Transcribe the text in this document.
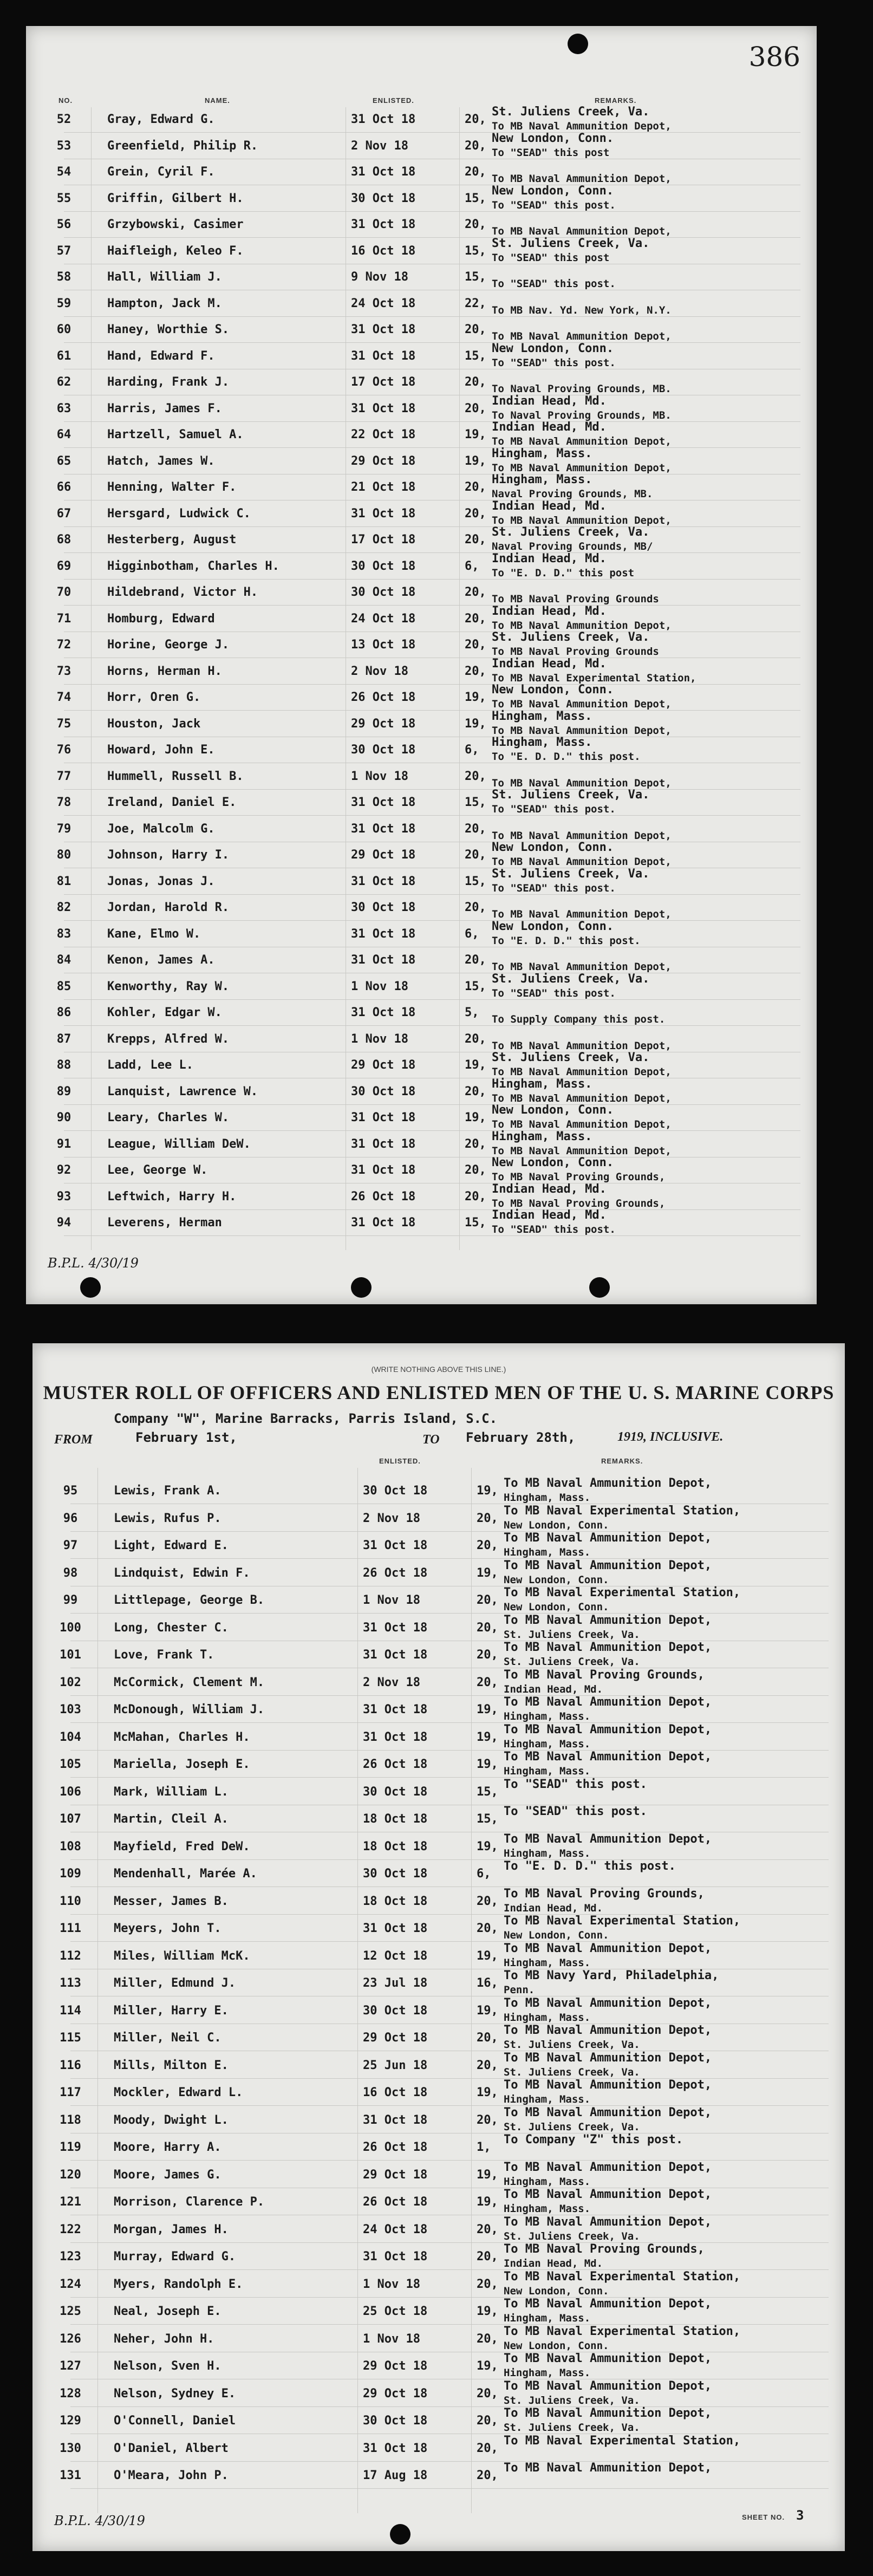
386
NO.	NAME.	ENLISTED.	REMARKS.
52	Gray, Edward G.	31 Oct 18	20,
St. Juliens Creek, Va.
To MB Naval Ammunition Depot,
53	Greenfield, Philip R.	2 Nov 18	20,
New London, Conn.
To "SEAD" this post
54	Grein, Cyril F.	31 Oct 18	20, To MB Naval Ammunition Depot,
55	Griffin, Gilbert H.	30 Oct 18	15,
New London, Conn.
To "SEAD" this post.
56	Grzybowski, Casimer	31 Oct 18	20, To MB Naval Ammunition Depot,
57	Haifleigh, Keleo F.	16 Oct 18	15,
St. Juliens Creek, Va.
To "SEAD" this post
58	Hall, William J.	9 Nov 18	15, To "SEAD" this post.
59	Hampton, Jack M.	24 Oct 18	22, To MB Nav. Yd. New York, N.Y.
60	Haney, Worthie S.	31 Oct 18	20, To MB Naval Ammunition Depot,
61	Hand, Edward F.	31 Oct 18	15,
New London, Conn.
To "SEAD" this post.
62	Harding, Frank J.	17 Oct 18	20, To Naval Proving Grounds, MB.
63	Harris, James F.	31 Oct 18	20,
Indian Head, Md.
To Naval Proving Grounds, MB.
64	Hartzell, Samuel A.	22 Oct 18	19,
Indian Head, Md.
To MB Naval Ammunition Depot,
65	Hatch, James W.	29 Oct 18	19,
Hingham, Mass.
To MB Naval Ammunition Depot,
66	Henning, Walter F.	21 Oct 18	20,
Hingham, Mass.
Naval Proving Grounds, MB.
67	Hersgard, Ludwick C.	31 Oct 18	20,
Indian Head, Md.
To MB Naval Ammunition Depot,
68	Hesterberg, August	17 Oct 18	20,
St. Juliens Creek, Va.
Naval Proving Grounds, MB/
69	Higginbotham, Charles H.	30 Oct 18	6,
Indian Head, Md.
To "E. D. D." this post
70	Hildebrand, Victor H.	30 Oct 18	20, To MB Naval Proving Grounds
71	Homburg, Edward	24 Oct 18	20,
Indian Head, Md.
To MB Naval Ammunition Depot,
72	Horine, George J.	13 Oct 18	20,
St. Juliens Creek, Va.
To MB Naval Proving Grounds
73	Horns, Herman H.	2 Nov 18	20,
Indian Head, Md.
To MB Naval Experimental Station,
74	Horr, Oren G.	26 Oct 18	19,
New London, Conn.
To MB Naval Ammunition Depot,
75	Houston, Jack	29 Oct 18	19,
Hingham, Mass.
To MB Naval Ammunition Depot,
76	Howard, John E.	30 Oct 18	6,
Hingham, Mass.
To "E. D. D." this post.
77	Hummell, Russell B.	1 Nov 18	20, To MB Naval Ammunition Depot,
78	Ireland, Daniel E.	31 Oct 18	15,
St. Juliens Creek, Va.
To "SEAD" this post.
79	Joe, Malcolm G.	31 Oct 18	20, To MB Naval Ammunition Depot,
80	Johnson, Harry I.	29 Oct 18	20,
New London, Conn.
To MB Naval Ammunition Depot,
81	Jonas, Jonas J.	31 Oct 18	15,
St. Juliens Creek, Va.
To "SEAD" this post.
82	Jordan, Harold R.	30 Oct 18	20, To MB Naval Ammunition Depot,
83	Kane, Elmo W.	31 Oct 18	6,
New London, Conn.
To "E. D. D." this post.
84	Kenon, James A.	31 Oct 18	20, To MB Naval Ammunition Depot,
85	Kenworthy, Ray W.	1 Nov 18	15,
St. Juliens Creek, Va.
To "SEAD" this post.
86	Kohler, Edgar W.	31 Oct 18	5, To Supply Company this post.
87	Krepps, Alfred W.	1 Nov 18	20, To MB Naval Ammunition Depot,
88	Ladd, Lee L.	29 Oct 18	19,
St. Juliens Creek, Va.
To MB Naval Ammunition Depot,
89	Lanquist, Lawrence W.	30 Oct 18	20,
Hingham, Mass.
To MB Naval Ammunition Depot,
90	Leary, Charles W.	31 Oct 18	19,
New London, Conn.
To MB Naval Ammunition Depot,
91	League, William DeW.	31 Oct 18	20,
Hingham, Mass.
To MB Naval Ammunition Depot,
92	Lee, George W.	31 Oct 18	20,
New London, Conn.
To MB Naval Proving Grounds,
93	Leftwich, Harry H.	26 Oct 18	20,
Indian Head, Md.
To MB Naval Proving Grounds,
94	Leverens, Herman	31 Oct 18	15,
Indian Head, Md.
To "SEAD" this post.
B.P.L. 4/30/19
(WRITE NOTHING ABOVE THIS LINE.)
MUSTER ROLL OF OFFICERS AND ENLISTED MEN OF THE U. S. MARINE CORPS
Company "W", Marine Barracks, Parris Island, S.C.
FROM	February 1st,	TO February 28th,	1919, INCLUSIVE.
ENLISTED.	REMARKS.
95	Lewis, Frank A.	30 Oct 18	19,
To MB Naval Ammunition Depot,
Hingham, Mass.
96	Lewis, Rufus P.	2 Nov 18	20,
To MB Naval Experimental Station,
New London, Conn.
97	Light, Edward E.	31 Oct 18	20,
To MB Naval Ammunition Depot,
Hingham, Mass.
98	Lindquist, Edwin F.	26 Oct 18	19,
To MB Naval Ammunition Depot,
New London, Conn.
99	Littlepage, George B.	1 Nov 18	20,
To MB Naval Experimental Station,
New London, Conn.
100	Long, Chester C.	31 Oct 18	20,
To MB Naval Ammunition Depot,
St. Juliens Creek, Va.
101	Love, Frank T.	31 Oct 18	20,
To MB Naval Ammunition Depot,
St. Juliens Creek, Va.
102	McCormick, Clement M.	2 Nov 18	20,
To MB Naval Proving Grounds,
Indian Head, Md.
103	McDonough, William J.	31 Oct 18	19,
To MB Naval Ammunition Depot,
Hingham, Mass.
104	McMahan, Charles H.	31 Oct 18	19,
To MB Naval Ammunition Depot,
Hingham, Mass.
105	Mariella, Joseph E.	26 Oct 18	19,
To MB Naval Ammunition Depot,
Hingham, Mass.
106	Mark, William L.	30 Oct 18	15,
To "SEAD" this post.
107	Martin, Cleil A.	18 Oct 18	15,
To "SEAD" this post.
108	Mayfield, Fred DeW.	18 Oct 18	19,
To MB Naval Ammunition Depot,
Hingham, Mass.
109	Mendenhall, Marée A.	30 Oct 18	6,
To "E. D. D." this post.
110	Messer, James B.	18 Oct 18	20,
To MB Naval Proving Grounds,
Indian Head, Md.
111	Meyers, John T.	31 Oct 18	20,
To MB Naval Experimental Station,
New London, Conn.
112	Miles, William McK.	12 Oct 18	19,
To MB Naval Ammunition Depot,
Hingham, Mass.
113	Miller, Edmund J.	23 Jul 18	16,
To MB Navy Yard, Philadelphia,
Penn.
114	Miller, Harry E.	30 Oct 18	19,
To MB Naval Ammunition Depot,
Hingham, Mass.
115	Miller, Neil C.	29 Oct 18	20,
To MB Naval Ammunition Depot,
St. Juliens Creek, Va.
116	Mills, Milton E.	25 Jun 18	20,
To MB Naval Ammunition Depot,
St. Juliens Creek, Va.
117	Mockler, Edward L.	16 Oct 18	19,
To MB Naval Ammunition Depot,
Hingham, Mass.
118	Moody, Dwight L.	31 Oct 18	20,
To MB Naval Ammunition Depot,
St. Juliens Creek, Va.
119	Moore, Harry A.	26 Oct 18	1,
To Company "Z" this post.
120	Moore, James G.	29 Oct 18	19,
To MB Naval Ammunition Depot,
Hingham, Mass.
121	Morrison, Clarence P.	26 Oct 18	19,
To MB Naval Ammunition Depot,
Hingham, Mass.
122	Morgan, James H.	24 Oct 18	20,
To MB Naval Ammunition Depot,
St. Juliens Creek, Va.
123	Murray, Edward G.	31 Oct 18	20,
To MB Naval Proving Grounds,
Indian Head, Md.
124	Myers, Randolph E.	1 Nov 18	20,
To MB Naval Experimental Station,
New London, Conn.
125	Neal, Joseph E.	25 Oct 18	19,
To MB Naval Ammunition Depot,
Hingham, Mass.
126	Neher, John H.	1 Nov 18	20,
To MB Naval Experimental Station,
New London, Conn.
127	Nelson, Sven H.	29 Oct 18	19,
To MB Naval Ammunition Depot,
Hingham, Mass.
128	Nelson, Sydney E.	29 Oct 18	20,
To MB Naval Ammunition Depot,
St. Juliens Creek, Va.
129	O'Connell, Daniel	30 Oct 18	20,
To MB Naval Ammunition Depot,
St. Juliens Creek, Va.
130	O'Daniel, Albert	31 Oct 18	20,
To MB Naval Experimental Station,
131	O'Meara, John P.	17 Aug 18	20,
To MB Naval Ammunition Depot,
B.P.L. 4/30/19	SHEET NO. 3
